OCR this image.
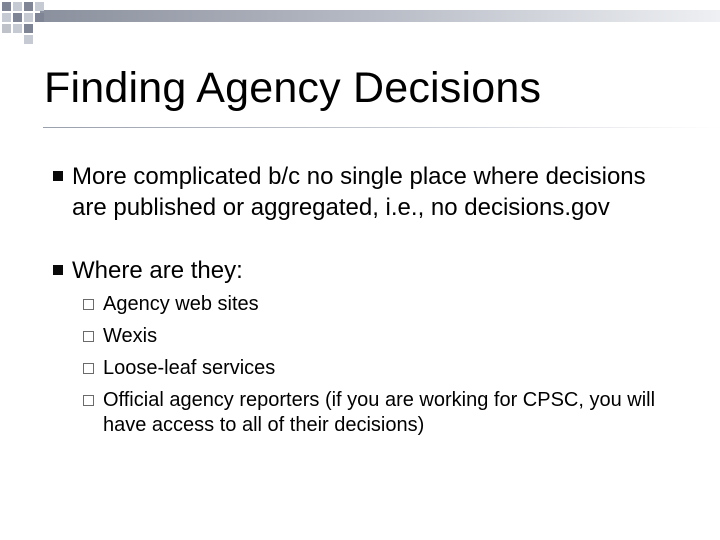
Finding Agency Decisions
More complicated b/c no single place where decisions are published or aggregated, i.e., no decisions.gov
Where are they:
Agency web sites
Wexis
Loose-leaf services
Official agency reporters (if you are working for CPSC, you will have access to all of their decisions)
